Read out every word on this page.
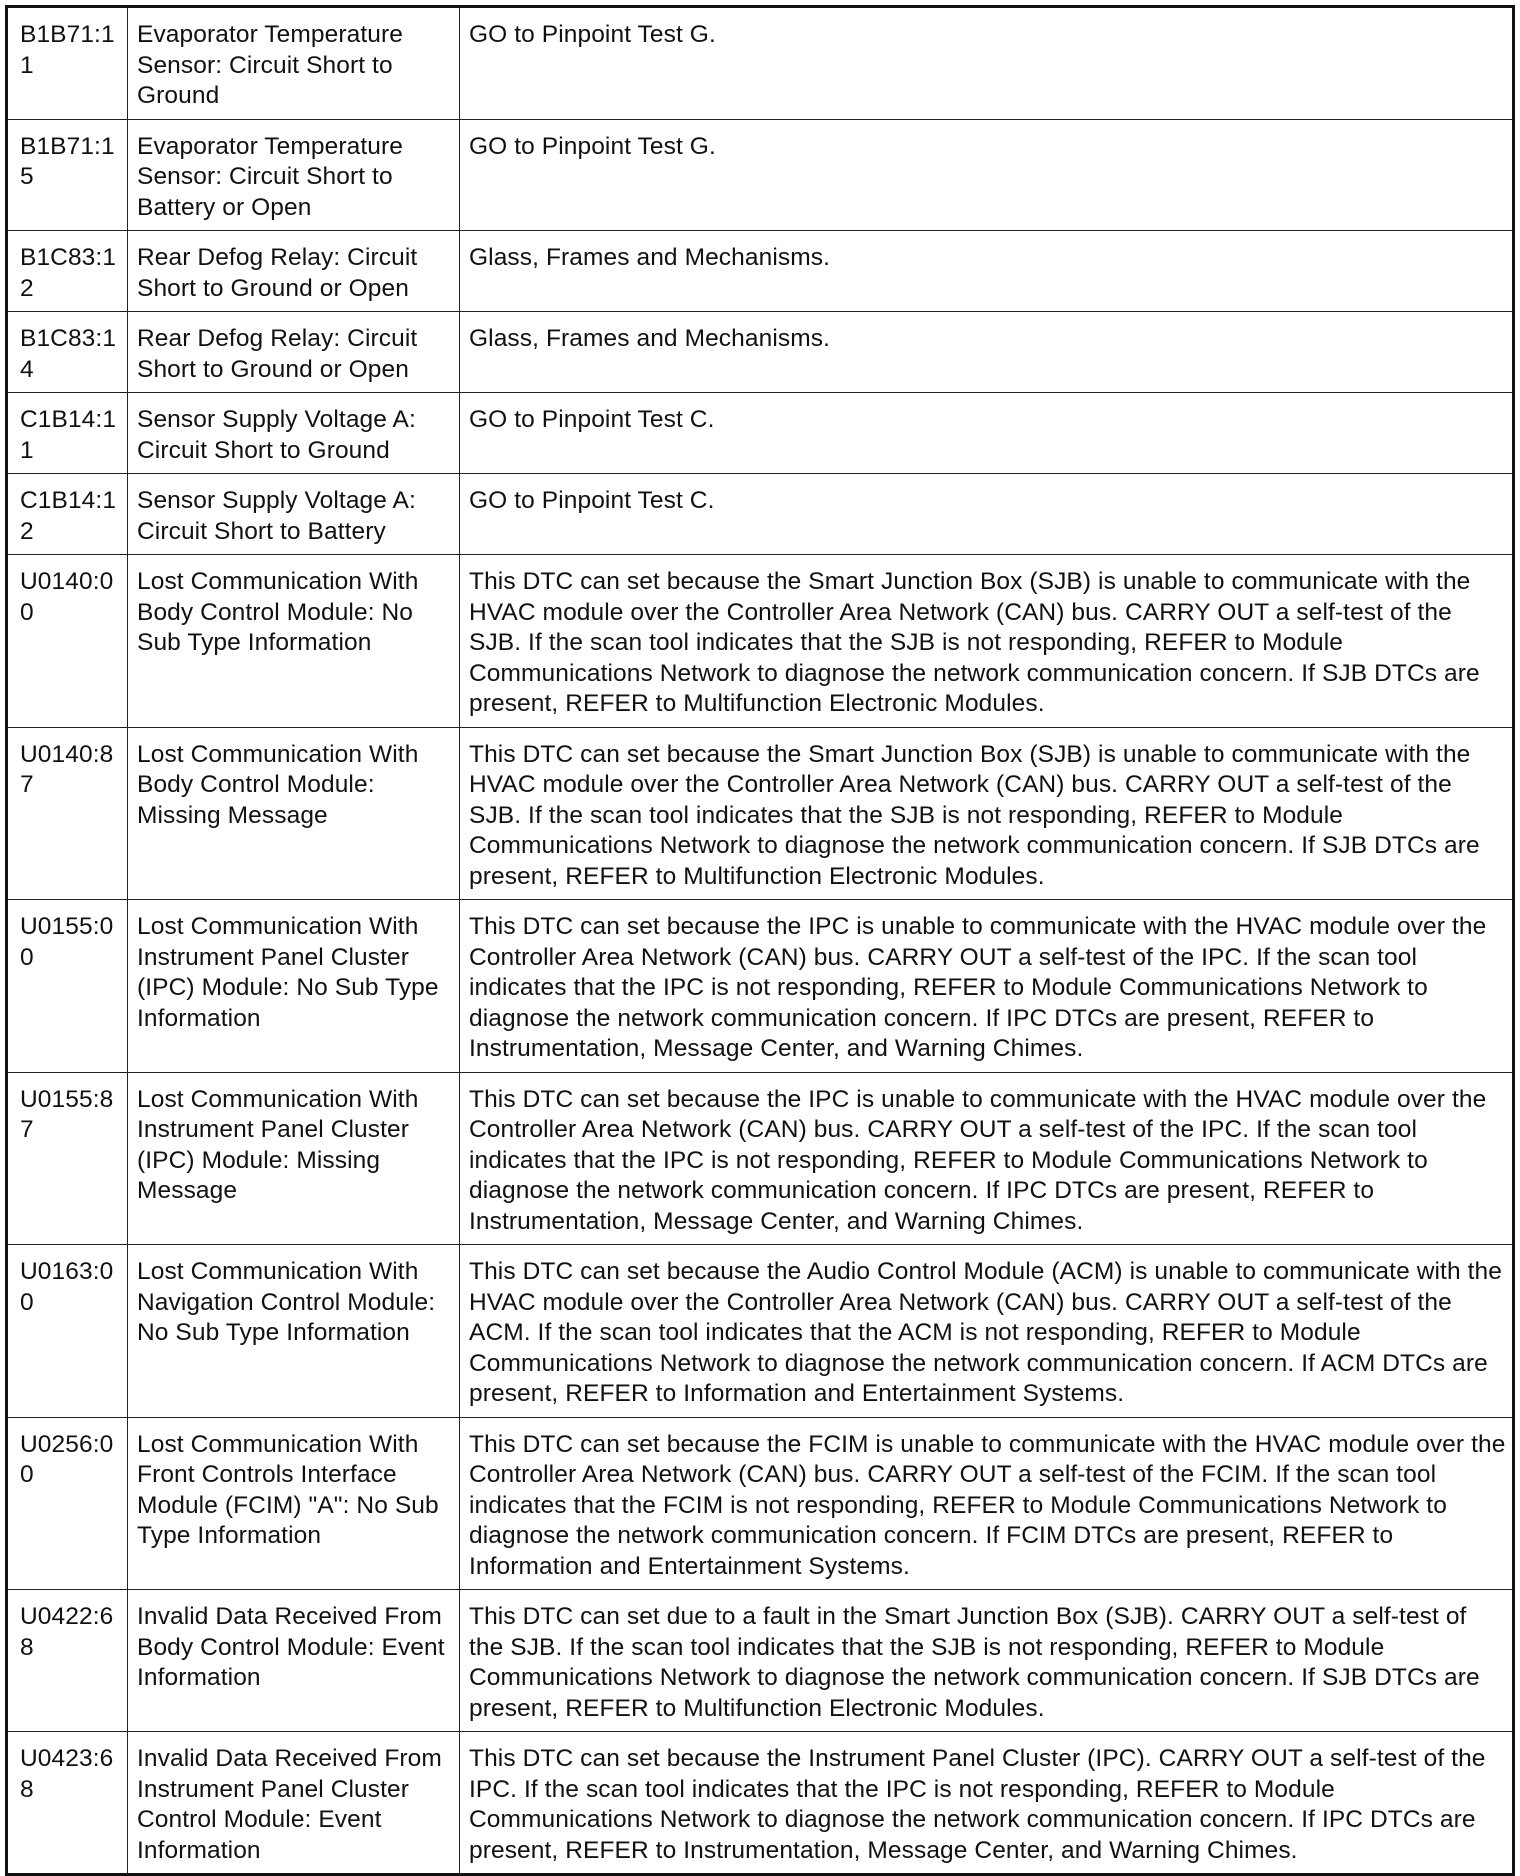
B1B71:11	Evaporator Temperature Sensor: Circuit Short to Ground	GO to Pinpoint Test G.
B1B71:15	Evaporator Temperature Sensor: Circuit Short to Battery or Open	GO to Pinpoint Test G.
B1C83:12	Rear Defog Relay: Circuit Short to Ground or Open	Glass, Frames and Mechanisms.
B1C83:14	Rear Defog Relay: Circuit Short to Ground or Open	Glass, Frames and Mechanisms.
C1B14:11	Sensor Supply Voltage A: Circuit Short to Ground	GO to Pinpoint Test C.
C1B14:12	Sensor Supply Voltage A: Circuit Short to Battery	GO to Pinpoint Test C.
U0140:00	Lost Communication With Body Control Module: No Sub Type Information	This DTC can set because the Smart Junction Box (SJB) is unable to communicate with the HVAC module over the Controller Area Network (CAN) bus. CARRY OUT a self-test of the SJB. If the scan tool indicates that the SJB is not responding, REFER to Module Communications Network to diagnose the network communication concern. If SJB DTCs are present, REFER to Multifunction Electronic Modules.
U0140:87	Lost Communication With Body Control Module: Missing Message	This DTC can set because the Smart Junction Box (SJB) is unable to communicate with the HVAC module over the Controller Area Network (CAN) bus. CARRY OUT a self-test of the SJB. If the scan tool indicates that the SJB is not responding, REFER to Module Communications Network to diagnose the network communication concern. If SJB DTCs are present, REFER to Multifunction Electronic Modules.
U0155:00	Lost Communication With Instrument Panel Cluster (IPC) Module: No Sub Type Information	This DTC can set because the IPC is unable to communicate with the HVAC module over the Controller Area Network (CAN) bus. CARRY OUT a self-test of the IPC. If the scan tool indicates that the IPC is not responding, REFER to Module Communications Network to diagnose the network communication concern. If IPC DTCs are present, REFER to Instrumentation, Message Center, and Warning Chimes.
U0155:87	Lost Communication With Instrument Panel Cluster (IPC) Module: Missing Message	This DTC can set because the IPC is unable to communicate with the HVAC module over the Controller Area Network (CAN) bus. CARRY OUT a self-test of the IPC. If the scan tool indicates that the IPC is not responding, REFER to Module Communications Network to diagnose the network communication concern. If IPC DTCs are present, REFER to Instrumentation, Message Center, and Warning Chimes.
U0163:00	Lost Communication With Navigation Control Module: No Sub Type Information	This DTC can set because the Audio Control Module (ACM) is unable to communicate with the HVAC module over the Controller Area Network (CAN) bus. CARRY OUT a self-test of the ACM. If the scan tool indicates that the ACM is not responding, REFER to Module Communications Network to diagnose the network communication concern. If ACM DTCs are present, REFER to Information and Entertainment Systems.
U0256:00	Lost Communication With Front Controls Interface Module (FCIM) "A": No Sub Type Information	This DTC can set because the FCIM is unable to communicate with the HVAC module over the Controller Area Network (CAN) bus. CARRY OUT a self-test of the FCIM. If the scan tool indicates that the FCIM is not responding, REFER to Module Communications Network to diagnose the network communication concern. If FCIM DTCs are present, REFER to Information and Entertainment Systems.
U0422:68	Invalid Data Received From Body Control Module: Event Information	This DTC can set due to a fault in the Smart Junction Box (SJB). CARRY OUT a self-test of the SJB. If the scan tool indicates that the SJB is not responding, REFER to Module Communications Network to diagnose the network communication concern. If SJB DTCs are present, REFER to Multifunction Electronic Modules.
U0423:68	Invalid Data Received From Instrument Panel Cluster Control Module: Event Information	This DTC can set because the Instrument Panel Cluster (IPC). CARRY OUT a self-test of the IPC. If the scan tool indicates that the IPC is not responding, REFER to Module Communications Network to diagnose the network communication concern. If IPC DTCs are present, REFER to Instrumentation, Message Center, and Warning Chimes.
